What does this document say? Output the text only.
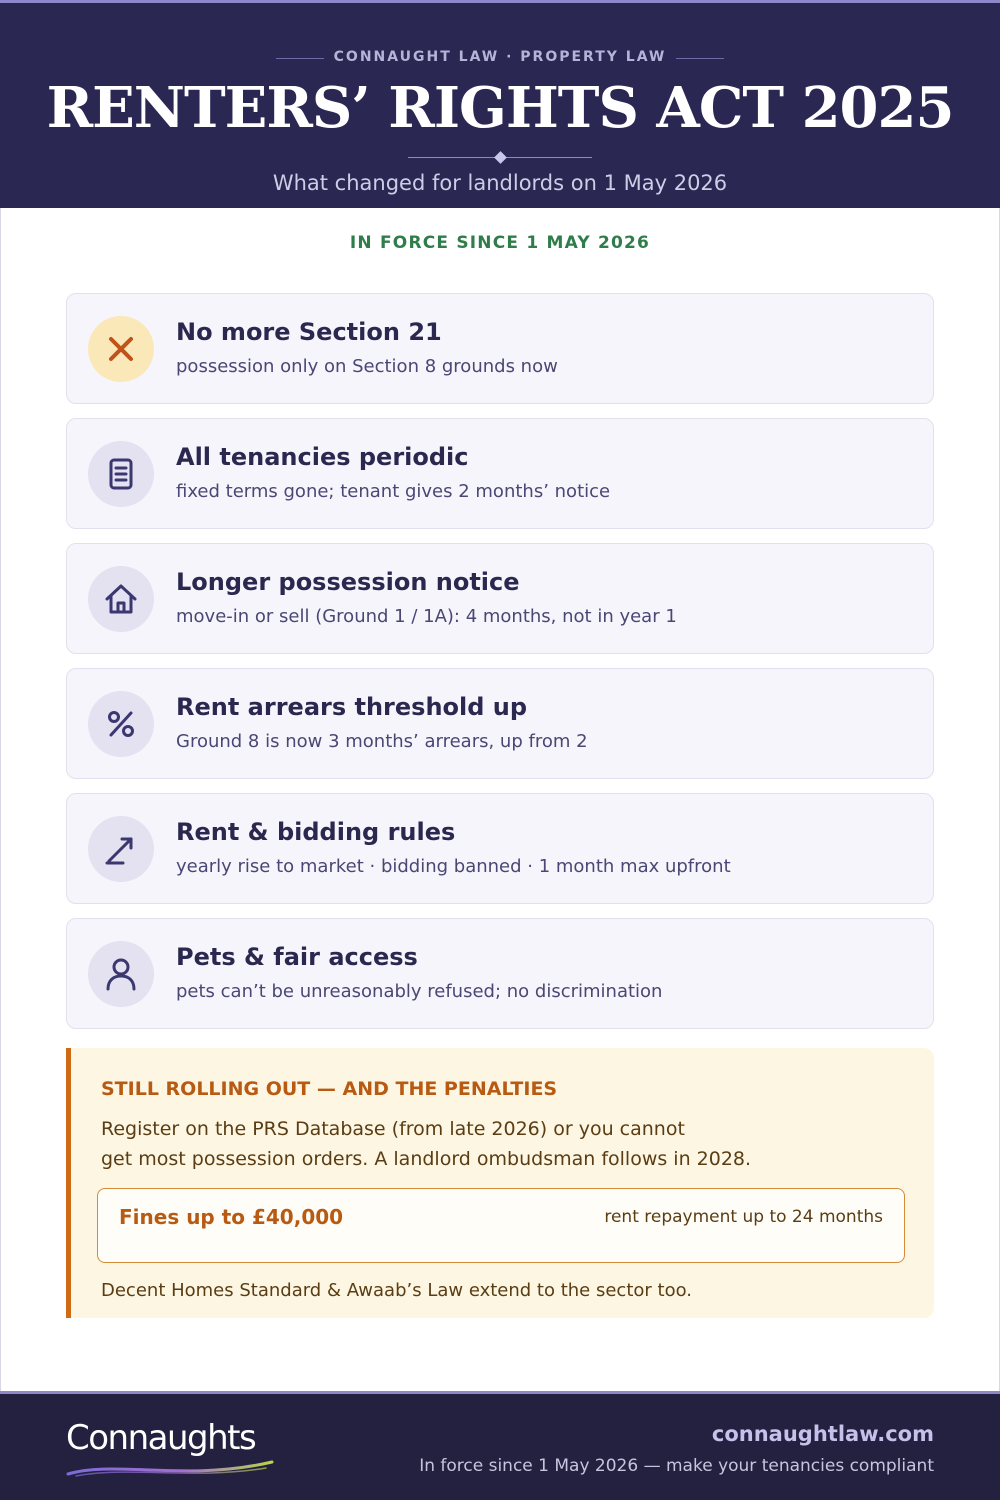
CONNAUGHT LAW · PROPERTY LAW
RENTERS’ RIGHTS ACT 2025
What changed for landlords on 1 May 2026
IN FORCE SINCE 1 MAY 2026
No more Section 21
possession only on Section 8 grounds now
All tenancies periodic
fixed terms gone; tenant gives 2 months’ notice
Longer possession notice
move-in or sell (Ground 1 / 1A): 4 months, not in year 1
Rent arrears threshold up
Ground 8 is now 3 months’ arrears, up from 2
Rent & bidding rules
yearly rise to market · bidding banned · 1 month max upfront
Pets & fair access
pets can’t be unreasonably refused; no discrimination
STILL ROLLING OUT — AND THE PENALTIES
Register on the PRS Database (from late 2026) or you cannot
get most possession orders. A landlord ombudsman follows in 2028.
Fines up to £40,000	rent repayment up to 24 months
Decent Homes Standard & Awaab’s Law extend to the sector too.
Connaughts	connaughtlaw.com
In force since 1 May 2026 — make your tenancies compliant
